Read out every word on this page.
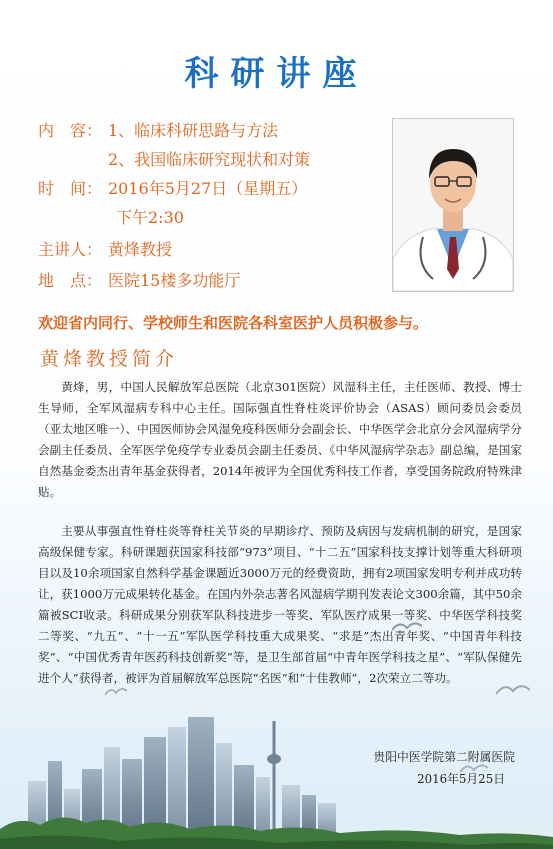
科研讲座
内　容： 1、临床科研思路与方法
2、我国临床研究现状和对策
时　间： 2016年5月27日（星期五）
下午2:30
主讲人： 黄烽教授
地　点： 医院15楼多功能厅
欢迎省内同行、学校师生和医院各科室医护人员积极参与。
黄烽教授简介
黄烽，男，中国人民解放军总医院（北京301医院）风湿科主任，主任医师、教授、博士生导师，全军风湿病专科中心主任。国际强直性脊柱炎评价协会（ASAS）顾问委员会委员（亚太地区唯一）、中国医师协会风湿免疫科医师分会副会长、中华医学会北京分会风湿病学分会副主任委员、全军医学免疫学专业委员会副主任委员、《中华风湿病学杂志》副总编，是国家自然基金委杰出青年基金获得者，2014年被评为全国优秀科技工作者，享受国务院政府特殊津贴。
主要从事强直性脊柱炎等脊柱关节炎的早期诊疗、预防及病因与发病机制的研究，是国家高级保健专家。科研课题获国家科技部“973”项目、“十二五”国家科技支撑计划等重大科研项目以及10余项国家自然科学基金课题近3000万元的经费资助，拥有2项国家发明专利并成功转让，获1000万元成果转化基金。在国内外杂志著名风湿病学期刊发表论文300余篇，其中50余篇被SCI收录。科研成果分别获军队科技进步一等奖、军队医疗成果一等奖、中华医学科技奖二等奖、“九五”、“十一五”军队医学科技重大成果奖、“求是”杰出青年奖、“中国青年科技奖”、“中国优秀青年医药科技创新奖”等，是卫生部首届“中青年医学科技之星”、“军队保健先进个人”获得者，被评为首届解放军总医院“名医”和“十佳教师”，2次荣立二等功。
贵阳中医学院第二附属医院
2016年5月25日
